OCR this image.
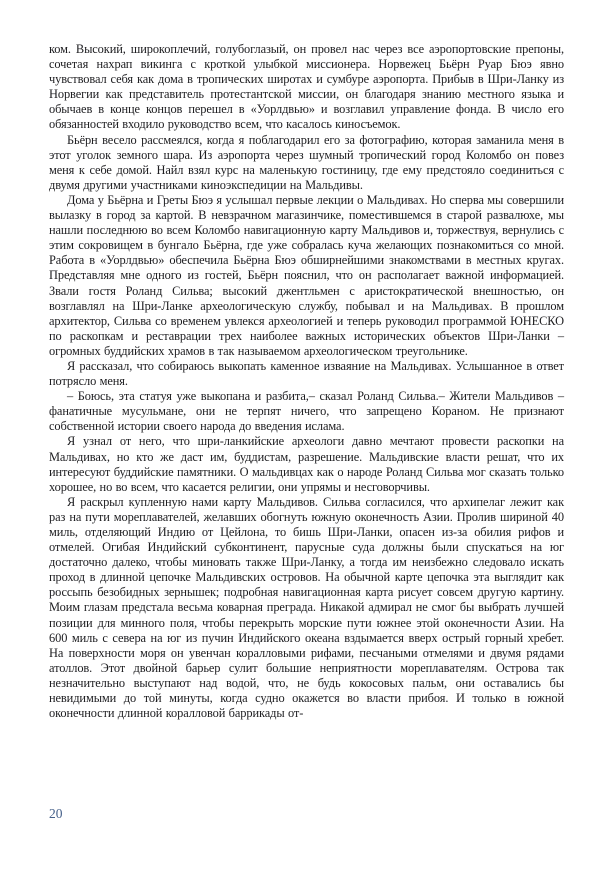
ком. Высокий, широкоплечий, голубоглазый, он провел нас через все аэропортовские препоны, сочетая нахрап викинга с кроткой улыбкой миссионера. Норвежец Бьёрн Руар Бюэ явно чувствовал себя как дома в тропических широтах и сумбуре аэропорта. Прибыв в Шри-Ланку из Норвегии как представитель протестантской миссии, он благодаря знанию местного языка и обычаев в конце концов перешел в «Уорлдвью» и возглавил управление фонда. В число его обязанностей входило руководство всем, что касалось киносъемок.

Бьёрн весело рассмеялся, когда я поблагодарил его за фотографию, которая заманила меня в этот уголок земного шара. Из аэропорта через шумный тропический город Коломбо он повез меня к себе домой. Найл взял курс на маленькую гостиницу, где ему предстояло соединиться с двумя другими участниками киноэкспедиции на Мальдивы.

Дома у Бьёрна и Греты Бюэ я услышал первые лекции о Мальдивах. Но сперва мы совершили вылазку в город за картой. В невзрачном магазинчике, поместившемся в старой развалюхе, мы нашли последнюю во всем Коломбо навигационную карту Мальдивов и, торжествуя, вернулись с этим сокровищем в бунгало Бьёрна, где уже собралась куча желающих познакомиться со мной. Работа в «Уорлдвью» обеспечила Бьёрна Бюэ обширнейшими знакомствами в местных кругах. Представляя мне одного из гостей, Бьёрн пояснил, что он располагает важной информацией. Звали гостя Роланд Сильва; высокий джентльмен с аристократической внешностью, он возглавлял на Шри-Ланке археологическую службу, побывал и на Мальдивах. В прошлом архитектор, Сильва со временем увлекся археологией и теперь руководил программой ЮНЕСКО по раскопкам и реставрации трех наиболее важных исторических объектов Шри-Ланки – огромных буддийских храмов в так называемом археологическом треугольнике.

Я рассказал, что собираюсь выкопать каменное изваяние на Мальдивах. Услышанное в ответ потрясло меня.

– Боюсь, эта статуя уже выкопана и разбита,– сказал Роланд Сильва.– Жители Мальдивов – фанатичные мусульмане, они не терпят ничего, что запрещено Кораном. Не признают собственной истории своего народа до введения ислама.

Я узнал от него, что шри-ланкийские археологи давно мечтают провести раскопки на Мальдивах, но кто же даст им, буддистам, разрешение. Мальдивские власти решат, что их интересуют буддийские памятники. О мальдивцах как о народе Роланд Сильва мог сказать только хорошее, но во всем, что касается религии, они упрямы и несговорчивы.

Я раскрыл купленную нами карту Мальдивов. Сильва согласился, что архипелаг лежит как раз на пути мореплавателей, желавших обогнуть южную оконечность Азии. Пролив шириной 40 миль, отделяющий Индию от Цейлона, то бишь Шри-Ланки, опасен из-за обилия рифов и отмелей. Огибая Индийский субконтинент, парусные суда должны были спускаться на юг достаточно далеко, чтобы миновать также Шри-Ланку, а тогда им неизбежно следовало искать проход в длинной цепочке Мальдивских островов. На обычной карте цепочка эта выглядит как россыпь безобидных зернышек; подробная навигационная карта рисует совсем другую картину. Моим глазам предстала весьма коварная преграда. Никакой адмирал не смог бы выбрать лучшей позиции для минного поля, чтобы перекрыть морские пути южнее этой оконечности Азии. На 600 миль с севера на юг из пучин Индийского океана вздымается вверх острый горный хребет. На поверхности моря он увенчан коралловыми рифами, песчаными отмелями и двумя рядами атоллов. Этот двойной барьер сулит большие неприятности мореплавателям. Острова так незначительно выступают над водой, что, не будь кокосовых пальм, они оставались бы невидимыми до той минуты, когда судно окажется во власти прибоя. И только в южной оконечности длинной коралловой баррикады от-

20
